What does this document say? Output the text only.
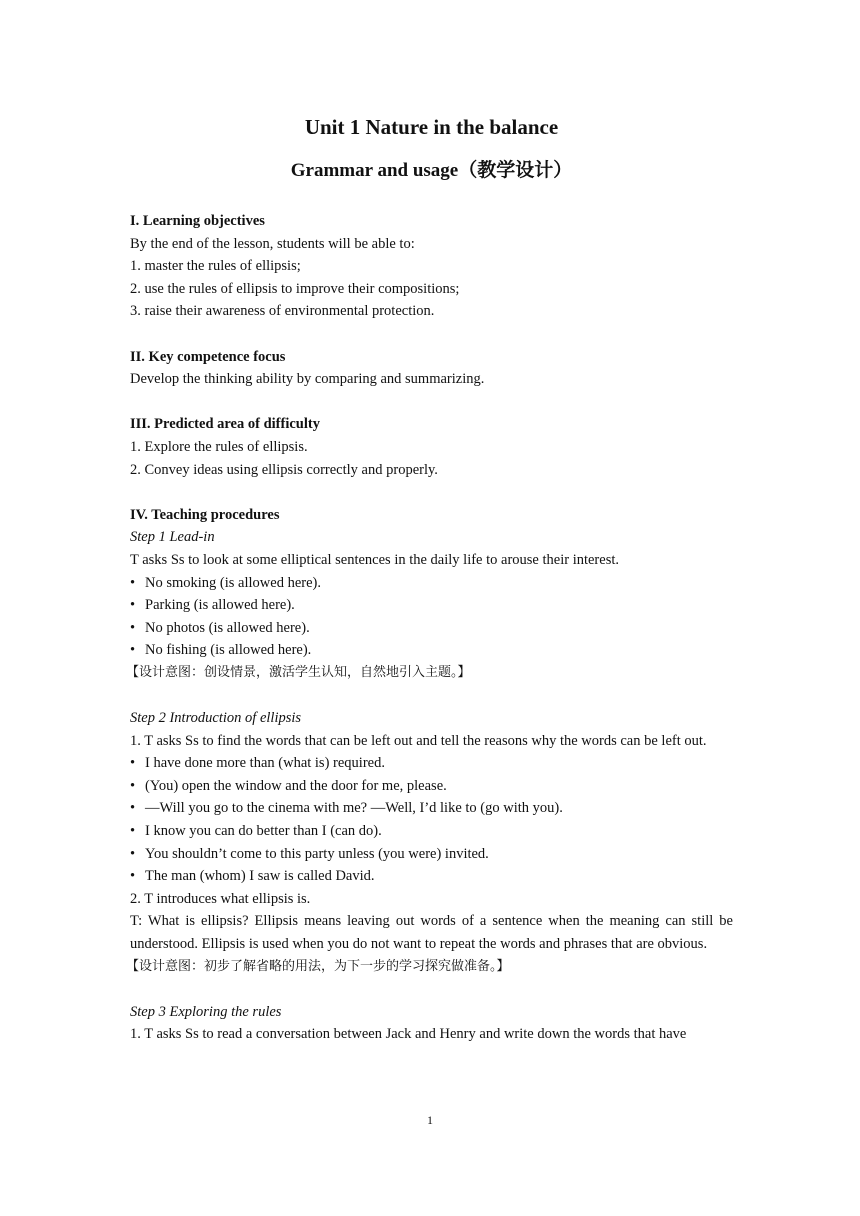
Unit 1 Nature in the balance
Grammar and usage（教学设计）

I. Learning objectives

By the end of the lesson, students will be able to:

1. master the rules of ellipsis;

2. use the rules of ellipsis to improve their compositions;

3. raise their awareness of environmental protection.

II. Key competence focus

Develop the thinking ability by comparing and summarizing.

III. Predicted area of difficulty

1. Explore the rules of ellipsis.

2. Convey ideas using ellipsis correctly and properly.

IV. Teaching procedures

Step 1 Lead-in

T asks Ss to look at some elliptical sentences in the daily life to arouse their interest.

• No smoking (is allowed here).

• Parking (is allowed here).

• No photos (is allowed here).

• No fishing (is allowed here).

【设计意图：创设情景，激活学生认知，自然地引入主题。】

Step 2 Introduction of ellipsis

1. T asks Ss to find the words that can be left out and tell the reasons why the words can be left out.

• I have done more than (what is) required.

• (You) open the window and the door for me, please.

• —Will you go to the cinema with me? —Well, I’d like to (go with you).

• I know you can do better than I (can do).

• You shouldn’t come to this party unless (you were) invited.

• The man (whom) I saw is called David.

2. T introduces what ellipsis is.

T: What is ellipsis? Ellipsis means leaving out words of a sentence when the meaning can still be understood. Ellipsis is used when you do not want to repeat the words and phrases that are obvious.

【设计意图：初步了解省略的用法，为下一步的学习探究做准备。】

Step 3 Exploring the rules

1. T asks Ss to read a conversation between Jack and Henry and write down the words that have

1
